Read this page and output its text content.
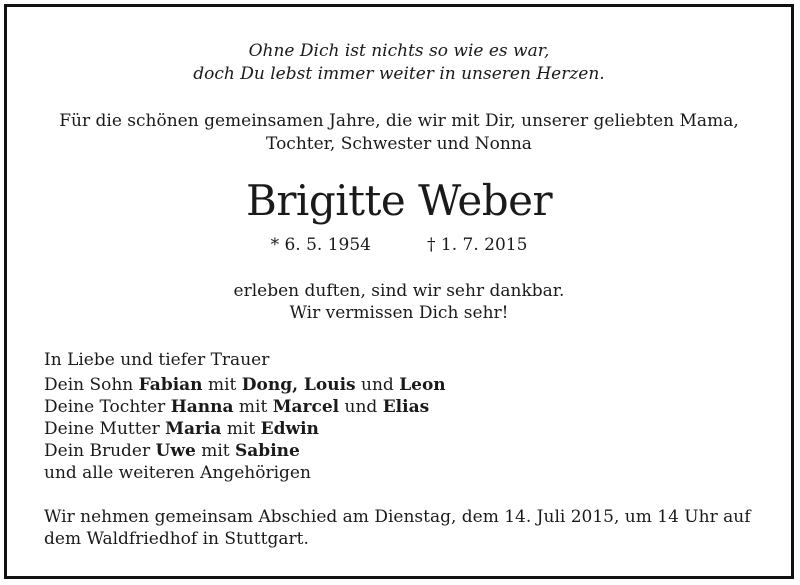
Ohne Dich ist nichts so wie es war,
doch Du lebst immer weiter in unseren Herzen.
Für die schönen gemeinsamen Jahre, die wir mit Dir, unserer geliebten Mama,
Tochter, Schwester und Nonna
Brigitte Weber
* 6. 5. 1954	† 1. 7. 2015
erleben duften, sind wir sehr dankbar.
Wir vermissen Dich sehr!
In Liebe und tiefer Trauer
Dein Sohn Fabian mit Dong, Louis und Leon
Deine Tochter Hanna mit Marcel und Elias
Deine Mutter Maria mit Edwin
Dein Bruder Uwe mit Sabine
und alle weiteren Angehörigen
Wir nehmen gemeinsam Abschied am Dienstag, dem 14. Juli 2015, um 14 Uhr auf
dem Waldfriedhof in Stuttgart.
